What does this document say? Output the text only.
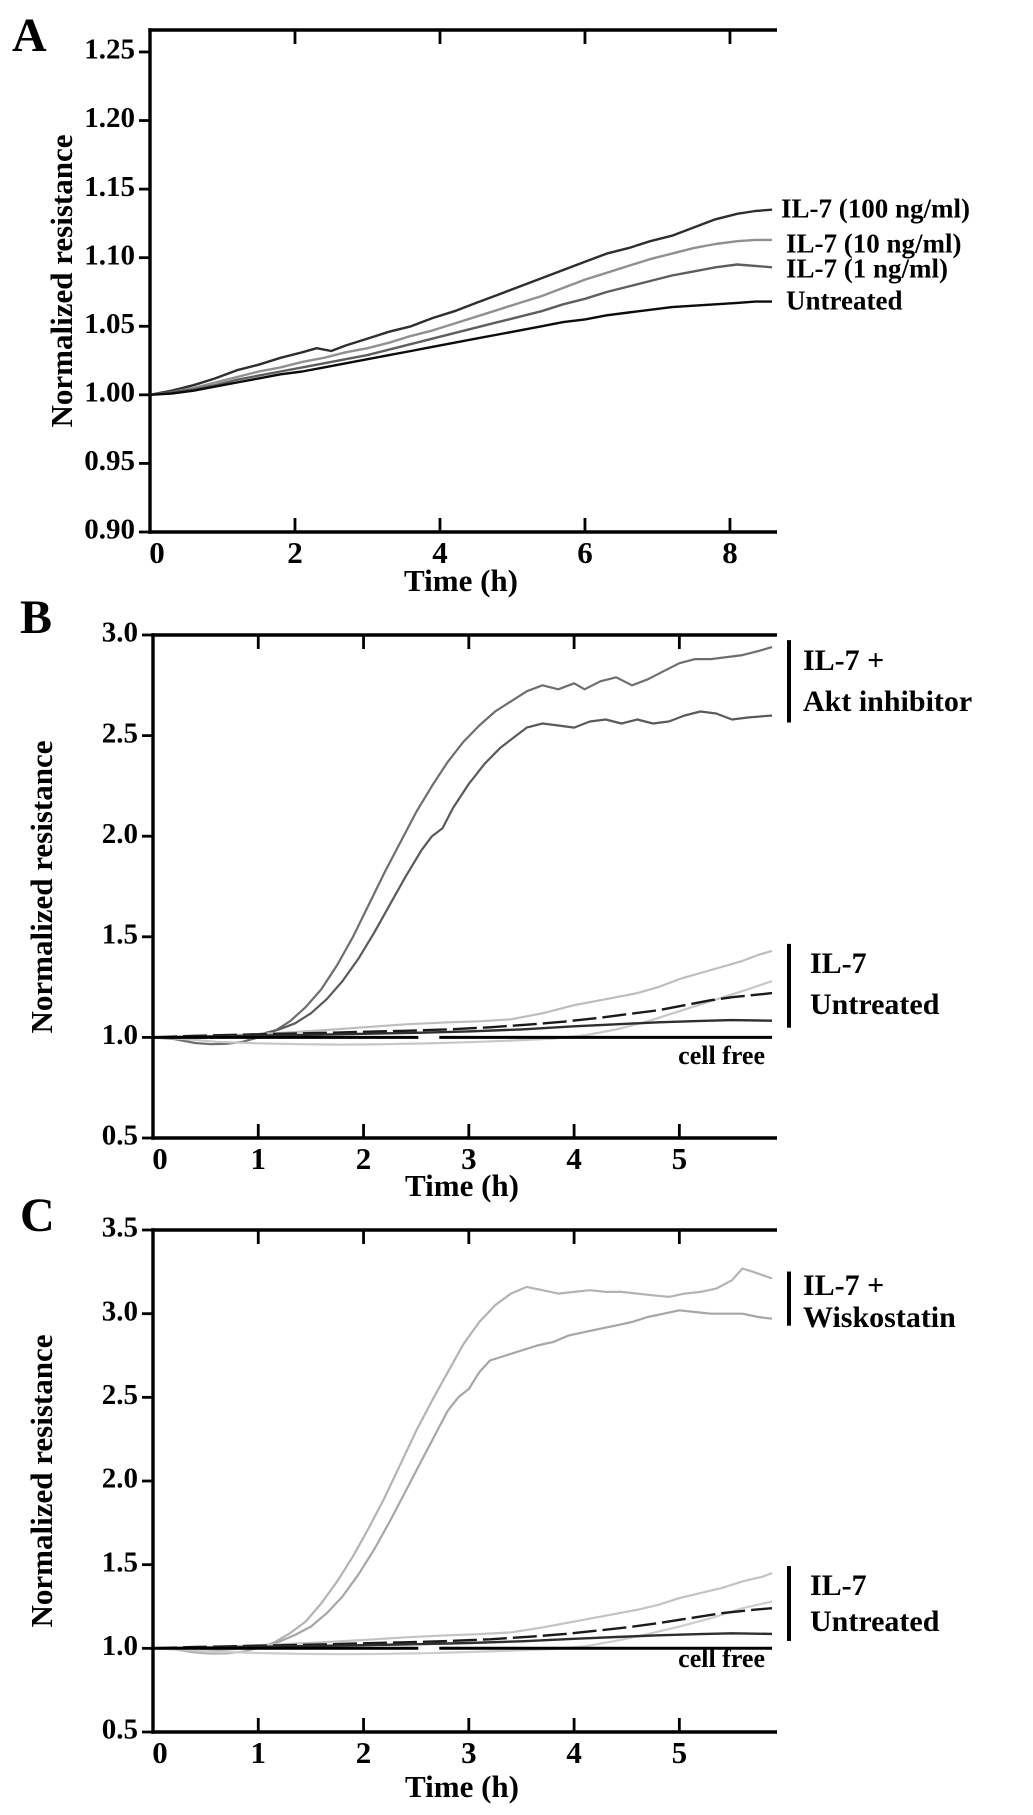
0	2	4	6	8
0.90
0.95
1.00
1.05
1.10
1.15
1.20
1.25
0	1	2	3	4	5
0.5
1.0
1.5
2.0
2.5
3.0
0	1	2	3	4	5
0.5
1.0
1.5
2.0
2.5
3.0
3.5
A
B
C
Normalized resistance
Normalized resistance
Normalized resistance
Time (h)
Time (h)
Time (h)
IL-7 (100 ng/ml)
IL-7 (10 ng/ml)
IL-7 (1 ng/ml)
Untreated
IL-7 +
Akt inhibitor
IL-7
Untreated
cell free
IL-7 +
Wiskostatin
IL-7
Untreated
cell free
